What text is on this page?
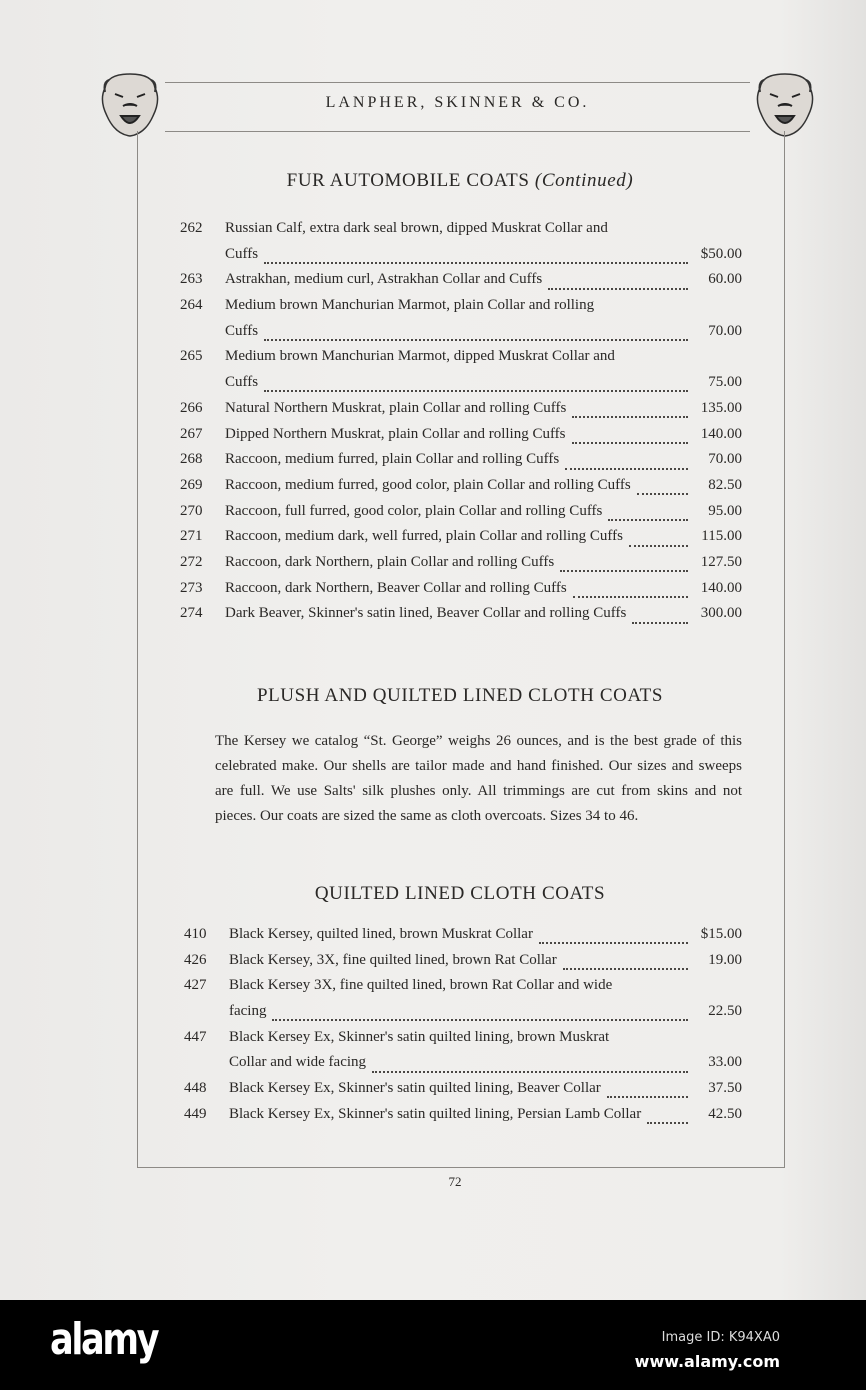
LANPHER, SKINNER & CO.
FUR AUTOMOBILE COATS (Continued)
262	Russian Calf, extra dark seal brown, dipped Muskrat Collar and
Cuffs	$50.00
263	Astrakhan, medium curl, Astrakhan Collar and Cuffs	60.00
264	Medium brown Manchurian Marmot, plain Collar and rolling
Cuffs	70.00
265	Medium brown Manchurian Marmot, dipped Muskrat Collar and
Cuffs	75.00
266	Natural Northern Muskrat, plain Collar and rolling Cuffs	135.00
267	Dipped Northern Muskrat, plain Collar and rolling Cuffs	140.00
268	Raccoon, medium furred, plain Collar and rolling Cuffs	70.00
269	Raccoon, medium furred, good color, plain Collar and rolling Cuffs	82.50
270	Raccoon, full furred, good color, plain Collar and rolling Cuffs	95.00
271	Raccoon, medium dark, well furred, plain Collar and rolling Cuffs	115.00
272	Raccoon, dark Northern, plain Collar and rolling Cuffs	127.50
273	Raccoon, dark Northern, Beaver Collar and rolling Cuffs	140.00
274	Dark Beaver, Skinner's satin lined, Beaver Collar and rolling Cuffs	300.00
PLUSH AND QUILTED LINED CLOTH COATS
The Kersey we catalog “St. George” weighs 26 ounces, and is the best grade of this celebrated make. Our shells are tailor made and hand finished. Our sizes and sweeps are full. We use Salts' silk plushes only. All trimmings are cut from skins and not pieces. Our coats are sized the same as cloth overcoats. Sizes 34 to 46.
QUILTED LINED CLOTH COATS
410	Black Kersey, quilted lined, brown Muskrat Collar	$15.00
426	Black Kersey, 3X, fine quilted lined, brown Rat Collar	19.00
427	Black Kersey 3X, fine quilted lined, brown Rat Collar and wide
facing	22.50
447	Black Kersey Ex, Skinner's satin quilted lining, brown Muskrat
Collar and wide facing	33.00
448	Black Kersey Ex, Skinner's satin quilted lining, Beaver Collar	37.50
449	Black Kersey Ex, Skinner's satin quilted lining, Persian Lamb Collar	42.50
72
alamy	Image ID: K94XA0
www.alamy.com
